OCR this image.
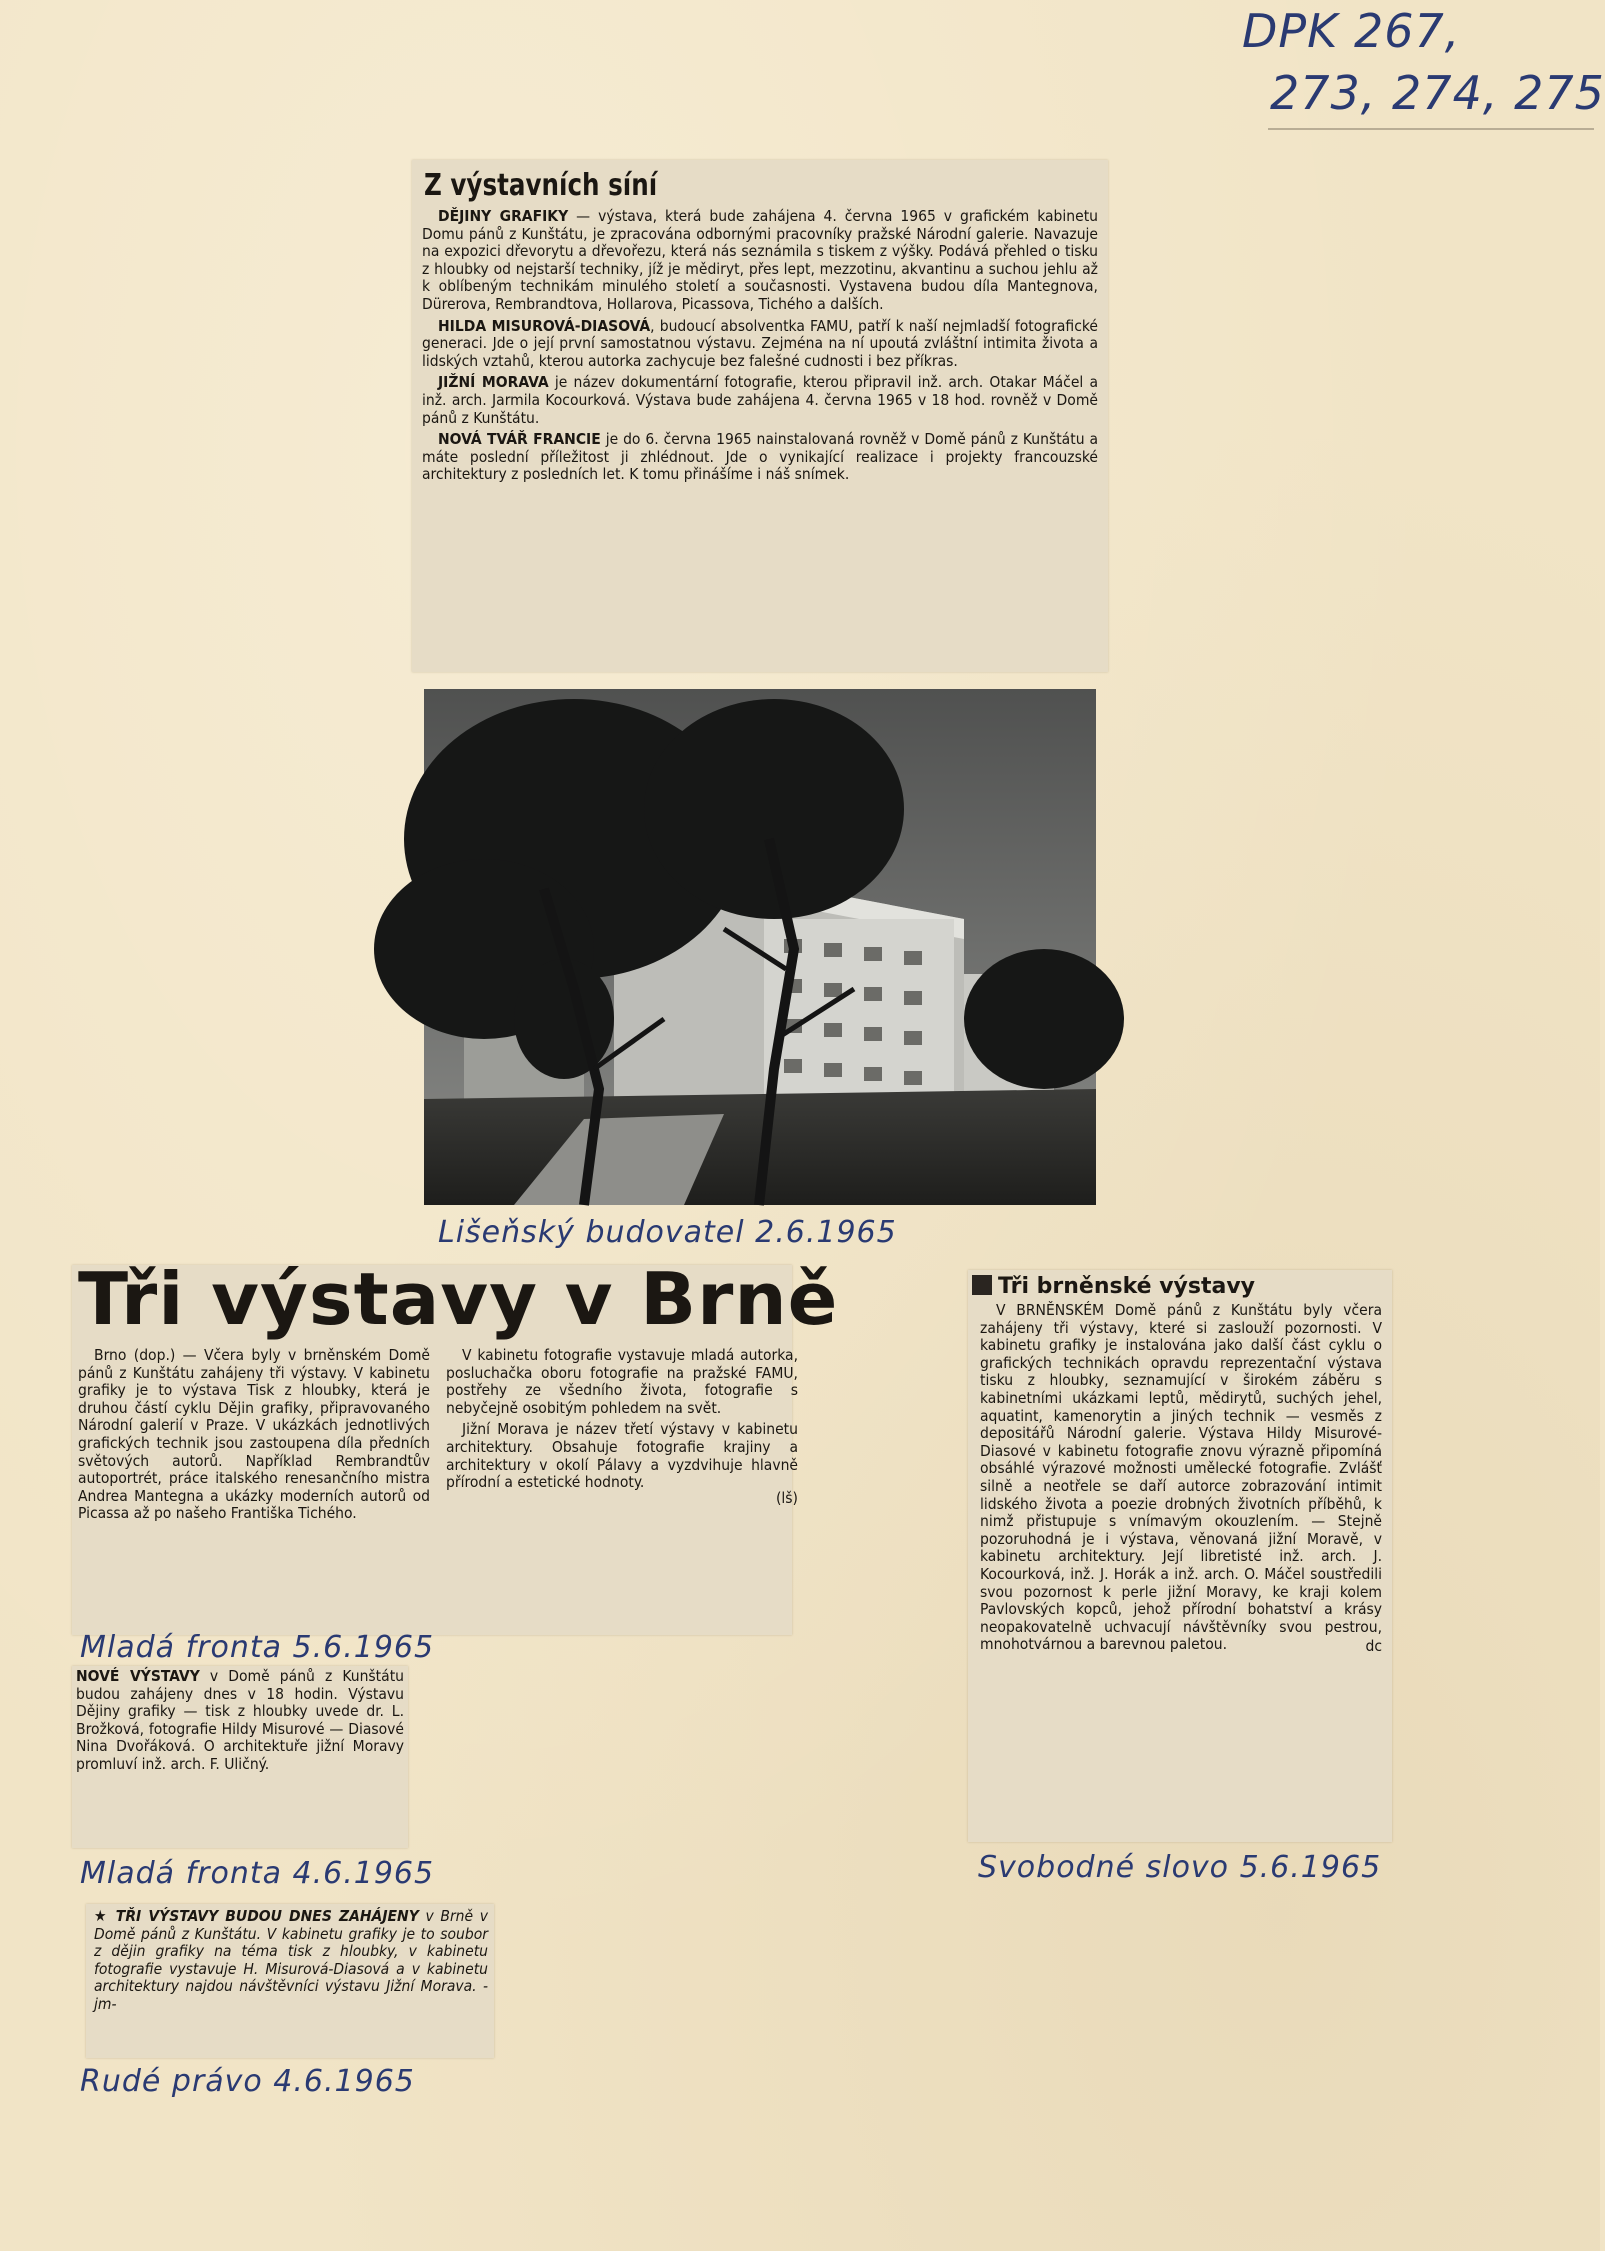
DPK 267,
273, 274, 275
Z výstavních síní

DĚJINY GRAFIKY — výstava, která bude zahájena 4. června 1965 v grafickém kabinetu Domu pánů z Kunštátu, je zpracována odbornými pracovníky pražské Národní galerie. Navazuje na expozici dřevorytu a dřevořezu, která nás seznámila s tiskem z výšky. Podává přehled o tisku z hloubky od nejstarší techniky, jíž je mědiryt, přes lept, mezzotinu, akvantinu a suchou jehlu až k oblíbeným technikám minulého století a současnosti. Vystavena budou díla Mantegnova, Dürerova, Rembrandtova, Hollarova, Picassova, Tichého a dalších.

HILDA MISUROVÁ-DIASOVÁ, budoucí absolventka FAMU, patří k naší nejmladší fotografické generaci. Jde o její první samostatnou výstavu. Zejména na ní upoutá zvláštní intimita života a lidských vztahů, kterou autorka zachycuje bez falešné cudnosti i bez příkras.

JIŽNÍ MORAVA je název dokumentární fotografie, kterou připravil inž. arch. Otakar Máčel a inž. arch. Jarmila Kocourková. Výstava bude zahájena 4. června 1965 v 18 hod. rovněž v Domě pánů z Kunštátu.

NOVÁ TVÁŘ FRANCIE je do 6. června 1965 nainstalovaná rovněž v Domě pánů z Kunštátu a máte poslední příležitost ji zhlédnout. Jde o vynikající realizace i projekty francouzské architektury z posledních let. K tomu přinášíme i náš snímek.

Lišeňský budovatel 2.6.1965
Tři výstavy v Brně

Brno (dop.) — Včera byly v brněnském Domě pánů z Kunštátu zahájeny tři výstavy. V kabinetu grafiky je to výstava Tisk z hloubky, která je druhou částí cyklu Dějin grafiky, připravovaného Národní galerií v Praze. V ukázkách jednotlivých grafických technik jsou zastoupena díla předních světových autorů. Například Rembrandtův autoportrét, práce italského renesančního mistra Andrea Mantegna a ukázky moderních autorů od Picassa až po našeho Františka Tichého.

V kabinetu fotografie vystavuje mladá autorka, posluchačka oboru fotografie na pražské FAMU, postřehy ze všedního života, fotografie s nebyčejně osobitým pohledem na svět.

Jižní Morava je název třetí výstavy v kabinetu architektury. Obsahuje fotografie krajiny a architektury v okolí Pálavy a vyzdvihuje hlavně přírodní a estetické hodnoty.

(lš)

Mladá fronta 5.6.1965

NOVÉ VÝSTAVY v Domě pánů z Kunštátu budou zahájeny dnes v 18 hodin. Výstavu Dějiny grafiky — tisk z hloubky uvede dr. L. Brožková, fotografie Hildy Misurové — Diasové Nina Dvořáková. O architektuře jižní Moravy promluví inž. arch. F. Uličný.

Mladá fronta 4.6.1965

★ TŘI VÝSTAVY BUDOU DNES ZAHÁJENY v Brně v Domě pánů z Kunštátu. V kabinetu grafiky je to soubor z dějin grafiky na téma tisk z hloubky, v kabinetu fotografie vystavuje H. Misurová-Diasová a v kabinetu architektury najdou návštěvníci výstavu Jižní Morava. -jm-

Rudé právo 4.6.1965
Tři brněnské výstavy

V BRNĚNSKÉM Domě pánů z Kunštátu byly včera zahájeny tři výstavy, které si zaslouží pozornosti. V kabinetu grafiky je instalována jako další část cyklu o grafických technikách opravdu reprezentační výstava tisku z hloubky, seznamující v širokém záběru s kabinetními ukázkami leptů, mědirytů, suchých jehel, aquatint, kamenorytin a jiných technik — vesměs z depositářů Národní galerie. Výstava Hildy Misurové-Diasové v kabinetu fotografie znovu výrazně připomíná obsáhlé výrazové možnosti umělecké fotografie. Zvlášť silně a neotřele se daří autorce zobrazování intimit lidského života a poezie drobných životních příběhů, k nimž přistupuje s vnímavým okouzlením. — Stejně pozoruhodná je i výstava, věnovaná jižní Moravě, v kabinetu architektury. Její libretisté inž. arch. J. Kocourková, inž. J. Horák a inž. arch. O. Máčel soustředili svou pozornost k perle jižní Moravy, ke kraji kolem Pavlovských kopců, jehož přírodní bohatství a krásy neopakovatelně uchvacují návštěvníky svou pestrou, mnohotvárnou a barevnou paletou.	dc

Svobodné slovo 5.6.1965
